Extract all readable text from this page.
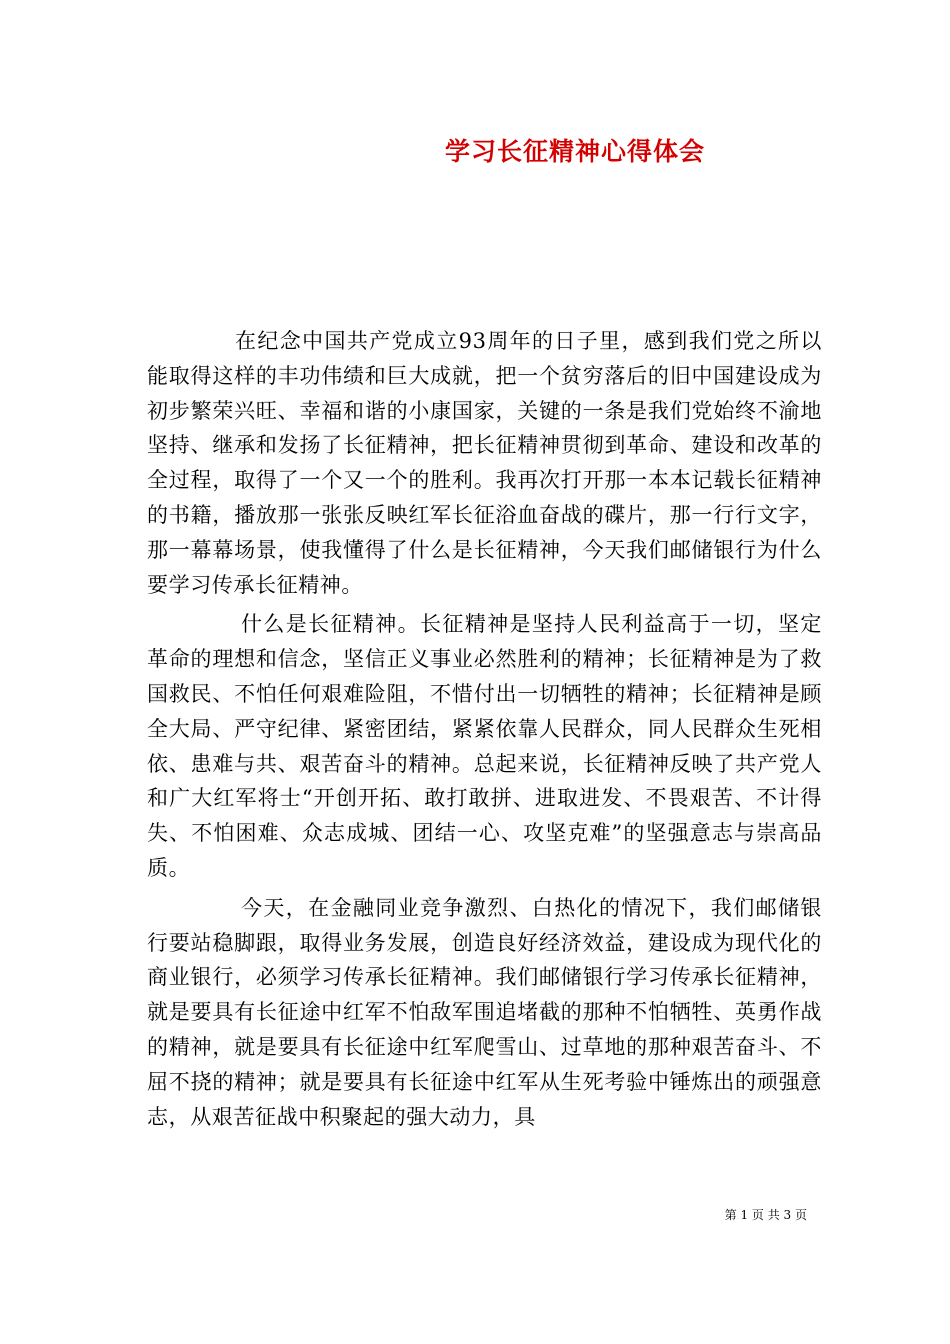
学习长征精神心得体会

在纪念中国共产党成立93周年的日子里，感到我们党之所以能取得这样的丰功伟绩和巨大成就，把一个贫穷落后的旧中国建设成为初步繁荣兴旺、幸福和谐的小康国家，关键的一条是我们党始终不渝地坚持、继承和发扬了长征精神，把长征精神贯彻到革命、建设和改革的全过程，取得了一个又一个的胜利。我再次打开那一本本记载长征精神的书籍，播放那一张张反映红军长征浴血奋战的碟片，那一行行文字，那一幕幕场景，使我懂得了什么是长征精神，今天我们邮储银行为什么要学习传承长征精神。

什么是长征精神。长征精神是坚持人民利益高于一切，坚定革命的理想和信念，坚信正义事业必然胜利的精神；长征精神是为了救国救民、不怕任何艰难险阻，不惜付出一切牺牲的精神；长征精神是顾全大局、严守纪律、紧密团结，紧紧依靠人民群众，同人民群众生死相依、患难与共、艰苦奋斗的精神。总起来说，长征精神反映了共产党人和广大红军将士“开创开拓、敢打敢拼、进取进发、不畏艰苦、不计得失、不怕困难、众志成城、团结一心、攻坚克难”的坚强意志与崇高品质。

今天，在金融同业竞争激烈、白热化的情况下，我们邮储银行要站稳脚跟，取得业务发展，创造良好经济效益，建设成为现代化的商业银行，必须学习传承长征精神。我们邮储银行学习传承长征精神，就是要具有长征途中红军不怕敌军围追堵截的那种不怕牺牲、英勇作战的精神，就是要具有长征途中红军爬雪山、过草地的那种艰苦奋斗、不屈不挠的精神；就是要具有长征途中红军从生死考验中锤炼出的顽强意志，从艰苦征战中积聚起的强大动力，具

第 1 页 共 3 页
